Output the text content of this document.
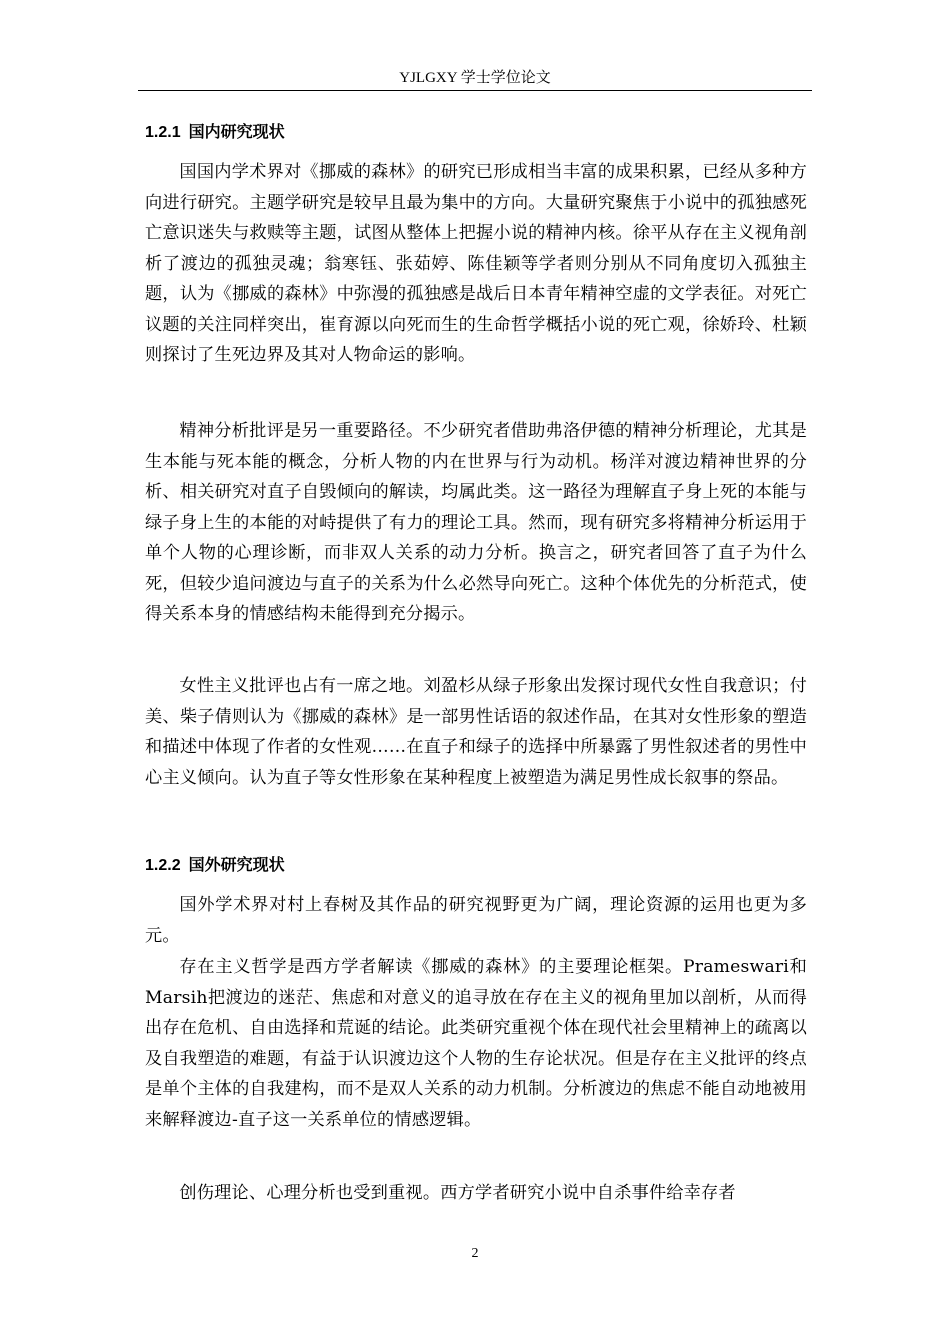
YJLGXY 学士学位论文
1.2.1 国内研究现状

国国内学术界对《挪威的森林》的研究已形成相当丰富的成果积累，已经从多种方向进行研究。主题学研究是较早且最为集中的方向。大量研究聚焦于小说中的孤独感死亡意识迷失与救赎等主题，试图从整体上把握小说的精神内核。徐平从存在主义视角剖析了渡边的孤独灵魂；翁寒钰、张茹婷、陈佳颖等学者则分别从不同角度切入孤独主题，认为《挪威的森林》中弥漫的孤独感是战后日本青年精神空虚的文学表征。对死亡议题的关注同样突出，崔育源以向死而生的生命哲学概括小说的死亡观，徐娇玲、杜颖则探讨了生死边界及其对人物命运的影响。

精神分析批评是另一重要路径。不少研究者借助弗洛伊德的精神分析理论，尤其是生本能与死本能的概念，分析人物的内在世界与行为动机。杨洋对渡边精神世界的分析、相关研究对直子自毁倾向的解读，均属此类。这一路径为理解直子身上死的本能与绿子身上生的本能的对峙提供了有力的理论工具。然而，现有研究多将精神分析运用于单个人物的心理诊断，而非双人关系的动力分析。换言之，研究者回答了直子为什么死，但较少追问渡边与直子的关系为什么必然导向死亡。这种个体优先的分析范式，使得关系本身的情感结构未能得到充分揭示。

女性主义批评也占有一席之地。刘盈杉从绿子形象出发探讨现代女性自我意识；付美、柴子倩则认为《挪威的森林》是一部男性话语的叙述作品，在其对女性形象的塑造和描述中体现了作者的女性观……在直子和绿子的选择中所暴露了男性叙述者的男性中心主义倾向。认为直子等女性形象在某种程度上被塑造为满足男性成长叙事的祭品。

1.2.2 国外研究现状

国外学术界对村上春树及其作品的研究视野更为广阔，理论资源的运用也更为多元。

存在主义哲学是西方学者解读《挪威的森林》的主要理论框架。Prameswari和Marsih把渡边的迷茫、焦虑和对意义的追寻放在存在主义的视角里加以剖析，从而得出存在危机、自由选择和荒诞的结论。此类研究重视个体在现代社会里精神上的疏离以及自我塑造的难题，有益于认识渡边这个人物的生存论状况。但是存在主义批评的终点是单个主体的自我建构，而不是双人关系的动力机制。分析渡边的焦虑不能自动地被用来解释渡边-直子这一关系单位的情感逻辑。

创伤理论、心理分析也受到重视。西方学者研究小说中自杀事件给幸存者

2
